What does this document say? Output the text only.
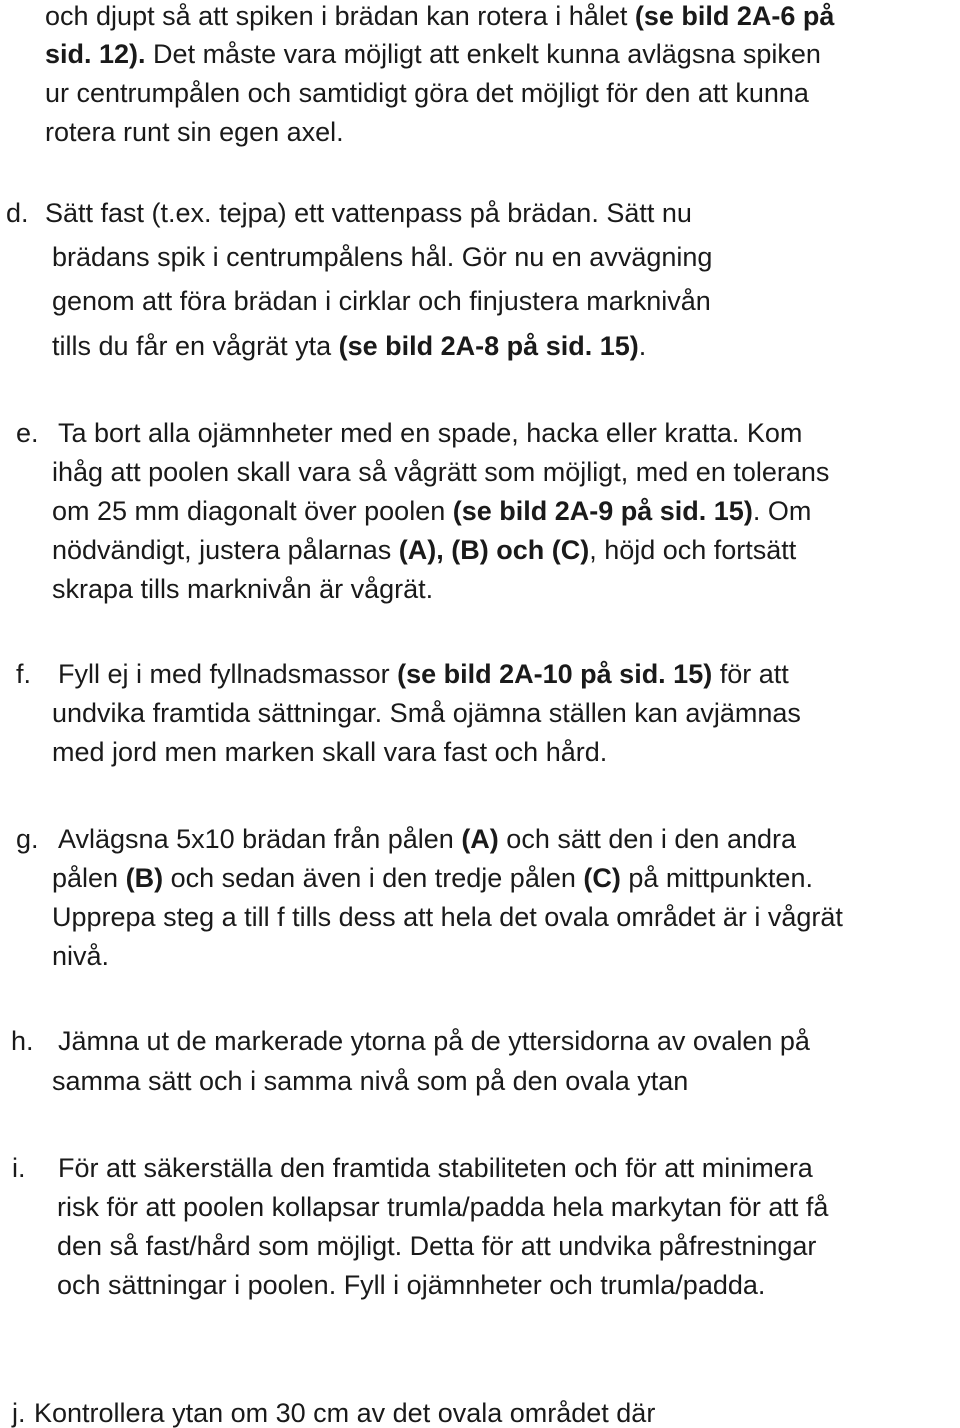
och djupt så att spiken i brädan kan rotera i hålet (se bild 2A-6 på

sid. 12). Det måste vara möjligt att enkelt kunna avlägsna spiken

ur centrumpålen och samtidigt göra det möjligt för den att kunna

rotera runt sin egen axel.

d. Sätt fast (t.ex. tejpa) ett vattenpass på brädan. Sätt nu

brädans spik i centrumpålens hål. Gör nu en avvägning

genom att föra brädan i cirklar och finjustera marknivån

tills du får en vågrät yta (se bild 2A-8 på sid. 15).

e. Ta bort alla ojämnheter med en spade, hacka eller kratta. Kom

ihåg att poolen skall vara så vågrätt som möjligt, med en tolerans

om 25 mm diagonalt över poolen (se bild 2A-9 på sid. 15). Om

nödvändigt, justera pålarnas (A), (B) och (C), höjd och fortsätt

skrapa tills marknivån är vågrät.

f. Fyll ej i med fyllnadsmassor (se bild 2A-10 på sid. 15) för att

undvika framtida sättningar. Små ojämna ställen kan avjämnas

med jord men marken skall vara fast och hård.

g. Avlägsna 5x10 brädan från pålen (A) och sätt den i den andra

pålen (B) och sedan även i den tredje pålen (C) på mittpunkten.

Upprepa steg a till f tills dess att hela det ovala området är i vågrät

nivå.

h. Jämna ut de markerade ytorna på de yttersidorna av ovalen på

samma sätt och i samma nivå som på den ovala ytan

i. För att säkerställa den framtida stabiliteten och för att minimera

risk för att poolen kollapsar trumla/padda hela markytan för att få

den så fast/hård som möjligt. Detta för att undvika påfrestningar

och sättningar i poolen. Fyll i ojämnheter och trumla/padda.

j. Kontrollera ytan om 30 cm av det ovala området där
